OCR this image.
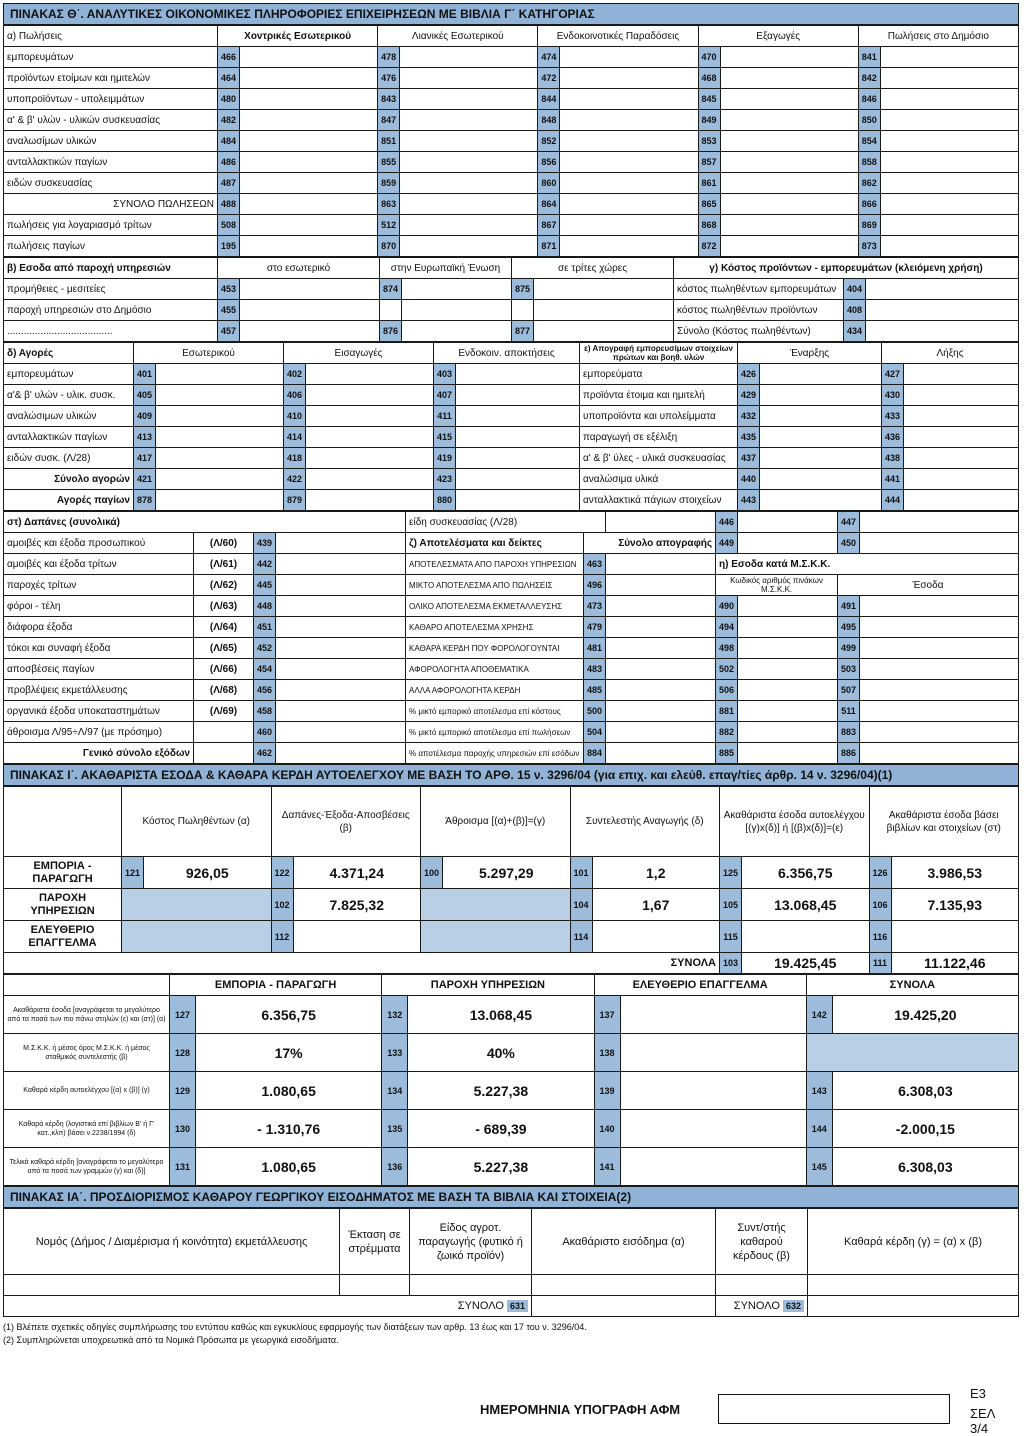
ΠΙΝΑΚΑΣ Θ΄. ΑΝΑΛΥΤΙΚΕΣ ΟΙΚΟΝΟΜΙΚΕΣ ΠΛΗΡΟΦΟΡΙΕΣ ΕΠΙΧΕΙΡΗΣΕΩΝ ΜΕ ΒΙΒΛΙΑ Γ΄ ΚΑΤΗΓΟΡΙΑΣ
α) Πωλήσεις	Χοντρικές Εσωτερικού		Λιανικές Εσωτερικού		Ενδοκοινοτικές Παραδόσεις		Εξαγωγές		Πωλήσεις στο Δημόσιο	
εμπορευμάτων	466		478		474		470		841	
προϊόντων ετοίμων και ημιτελών	464		476		472		468		842	
υποπροϊόντων - υπολειμμάτων	480		843		844		845		846	
α' & β' υλών - υλικών συσκευασίας	482		847		848		849		850	
αναλωσίμων υλικών	484		851		852		853		854	
ανταλλακτικών παγίων	486		855		856		857		858	
ειδών συσκευασίας	487		859		860		861		862	
ΣΥΝΟΛΟ ΠΩΛΗΣΕΩΝ	488		863		864		865		866	
πωλήσεις για λογαριασμό τρίτων	508		512		867		868		869	
πωλήσεις παγίων	195		870		871		872		873	
β) Εσοδα από παροχή υπηρεσιών	στο εσωτερικό		στην Ευρωπαϊκή Ένωση		σε τρίτες χώρες		γ) Κόστος προϊόντων - εμπορευμάτων (κλειόμενη χρήση)		
προμήθειες - μεσιτείες	453		874		875		κόστος πωληθέντων εμπορευμάτων	404	
παροχή υπηρεσιών στο Δημόσιο	455						κόστος πωληθέντων προϊόντων	408	
......................................	457		876		877		Σύνολο (Κόστος πωληθέντων)	434	
δ) Αγορές	Εσωτερικού		Εισαγωγές		Ενδοκοιν. αποκτήσεις		ε) Απογραφή εμπορευσίμων στοιχείων πρώτων και βοηθ. υλών	Έναρξης		Λήξης	
εμπορευμάτων	401		402		403		εμπορεύματα	426		427	
α'& β' υλών - υλικ. συσκ.	405		406		407		προϊόντα έτοιμα και ημιτελή	429		430	
αναλώσιμων υλικών	409		410		411		υποπροϊόντα και υπολείμματα	432		433	
ανταλλακτικών παγίων	413		414		415		παραγωγή σε εξέλιξη	435		436	
ειδών συσκ. (Λ/28)	417		418		419		α' & β' ύλες - υλικά συσκευασίας	437		438	
Σύνολο αγορών	421		422		423		αναλώσιμα υλικά	440		441	
Αγορές παγίων	878		879		880		ανταλλακτικά πάγιων στοιχείων	443		444	
στ) Δαπάνες (συνολικά)				είδη συσκευασίας (Λ/28)			446		447	
αμοιβές και έξοδα προσωπικού	(Λ/60)	439		ζ) Αποτελέσματα και δείκτες	Σύνολο απογραφής		449		450	
αμοιβές και έξοδα τρίτων	(Λ/61)	442		ΑΠΟΤΕΛΕΣΜΑΤΑ ΑΠΟ ΠΑΡΟΧΗ ΥΠΗΡΕΣΙΩΝ	463		η) Εσοδα κατά Μ.Σ.Κ.Κ.			
παροχές τρίτων	(Λ/62)	445		ΜΙΚΤΟ ΑΠΟΤΕΛΕΣΜΑ ΑΠΟ ΠΩΛΗΣΕΙΣ	496		Κωδικός αριθμός πινάκων Μ.Σ.Κ.Κ.		Έσοδα	
φόροι - τέλη	(Λ/63)	448		ΟΛΙΚΟ ΑΠΟΤΕΛΕΣΜΑ ΕΚΜΕΤΑΛΛΕΥΣΗΣ	473		490		491	
διάφορα έξοδα	(Λ/64)	451		ΚΑΘΑΡΟ ΑΠΟΤΕΛΕΣΜΑ ΧΡΗΣΗΣ	479		494		495	
τόκοι και συναφή έξοδα	(Λ/65)	452		ΚΑΘΑΡΑ ΚΕΡΔΗ ΠΟΥ ΦΟΡΟΛΟΓΟΥΝΤΑΙ	481		498		499	
αποσβέσεις παγίων	(Λ/66)	454		ΑΦΟΡΟΛΟΓΗΤΑ ΑΠΟΘΕΜΑΤΙΚΑ	483		502		503	
προβλέψεις εκμετάλλευσης	(Λ/68)	456		ΑΛΛΑ ΑΦΟΡΟΛΟΓΗΤΑ ΚΕΡΔΗ	485		506		507	
οργανικά έξοδα υποκαταστημάτων	(Λ/69)	458		% μικτό εμπορικό αποτέλεσμα επί κόστους	500		881		511	
άθροισμα Λ/95÷Λ/97 (με πρόσημο)		460		% μικτό εμπορικό αποτέλεσμα επί πωλήσεων	504		882		883	
Γενικό σύνολο εξόδων		462		% αποτέλεσμα παροχής υπηρεσιών επί εσόδων	884		885		886	
ΠΙΝΑΚΑΣ Ι΄. ΑΚΑΘΑΡΙΣΤΑ ΕΣΟΔΑ & ΚΑΘΑΡΑ ΚΕΡΔΗ ΑΥΤΟΕΛΕΓΧΟΥ ΜΕ ΒΑΣΗ ΤΟ ΑΡΘ. 15 ν. 3296/04 (για επιχ. και ελεύθ. επαγ/τίες άρθρ. 14 ν. 3296/04)(1)
	Κόστος Πωληθέντων (α)		Δαπάνες-Έξοδα-Αποσβέσεις (β)		Άθροισμα [(α)+(β)]=(γ)		Συντελεστής Αναγωγής (δ)		Ακαθάριστα έσοδα αυτοελέγχου [(γ)x(δ)] ή [(β)x(δ)]=(ε)		Ακαθάριστα έσοδα βάσει βιβλίων και στοιχείων (στ)	
ΕΜΠΟΡΙΑ - ΠΑΡΑΓΩΓΗ	121	926,05	122	4.371,24	100	5.297,29	101	1,2	125	6.356,75	126	3.986,53
ΠΑΡΟΧΗ ΥΠΗΡΕΣΙΩΝ			102	7.825,32			104	1,67	105	13.068,45	106	7.135,93
ΕΛΕΥΘΕΡΙΟ ΕΠΑΓΓΕΛΜΑ			112				114		115		116	
ΣΥΝΟΛΑ									103	19.425,45	111	11.122,46
	ΕΜΠΟΡΙΑ - ΠΑΡΑΓΩΓΗ		ΠΑΡΟΧΗ ΥΠΗΡΕΣΙΩΝ		ΕΛΕΥΘΕΡΙΟ ΕΠΑΓΓΕΛΜΑ		ΣΥΝΟΛΑ	
Ακαθάριστα έσοδα [αναγράφεται το μεγαλύτερο από τα ποσά των πιο πάνω στηλών (ε) και (στ)] (α)	127	6.356,75	132	13.068,45	137		142	19.425,20
Μ.Σ.Κ.Κ. ή μέσος όρος Μ.Σ.Κ.Κ. ή μέσος σταθμικός συντελεστής (β)	128	17%	133	40%	138			
Καθαρά κέρδη αυτοελέγχου [(α) x (β)] (γ)	129	1.080,65	134	5.227,38	139		143	6.308,03
Καθαρά κέρδη (λογιστικά επί βιβλίων Β' ή Γ' κατ.,κλπ) βάσει ν.2238/1994 (δ)	130	- 1.310,76	135	- 689,39	140		144	-2.000,15
Τελικά καθαρά κέρδη [αναγράφεται το μεγαλύτερο από τα ποσά των γραμμών (γ) και (δ)]	131	1.080,65	136	5.227,38	141		145	6.308,03
ΠΙΝΑΚΑΣ ΙΑ΄. ΠΡΟΣΔΙΟΡΙΣΜΟΣ ΚΑΘΑΡΟΥ ΓΕΩΡΓΙΚΟΥ ΕΙΣΟΔΗΜΑΤΟΣ ΜΕ ΒΑΣΗ ΤΑ ΒΙΒΛΙΑ ΚΑΙ ΣΤΟΙΧΕΙΑ(2)
Νομός (Δήμος / Διαμέρισμα ή κοινότητα) εκμετάλλευσης	Έκταση σε στρέμματα	Είδος αγροτ. παραγωγής (φυτικό ή ζωικό προϊόν)	Ακαθάριστο εισόδημα (α)	Συντ/στής καθαρού κέρδους (β)	Καθαρά κέρδη (γ) = (α) x (β)

ΣΥΝΟΛΟ 631				ΣΥΝΟΛΟ 632	
(1) Βλέπετε σχετικές οδηγίες συμπλήρωσης του εντύπου καθώς και εγκυκλίους εφαρμογής των διατάξεων των αρθρ. 13 έως και 17 του ν. 3296/04.
(2) Συμπληρώνεται υποχρεωτικά από τα Νομικά Πρόσωπα με γεωργικά εισοδήματα.
ΗΜΕΡΟΜΗΝΙΑ ΥΠΟΓΡΑΦΗ ΑΦΜ
Ε3
ΣΕΛ 3/4
